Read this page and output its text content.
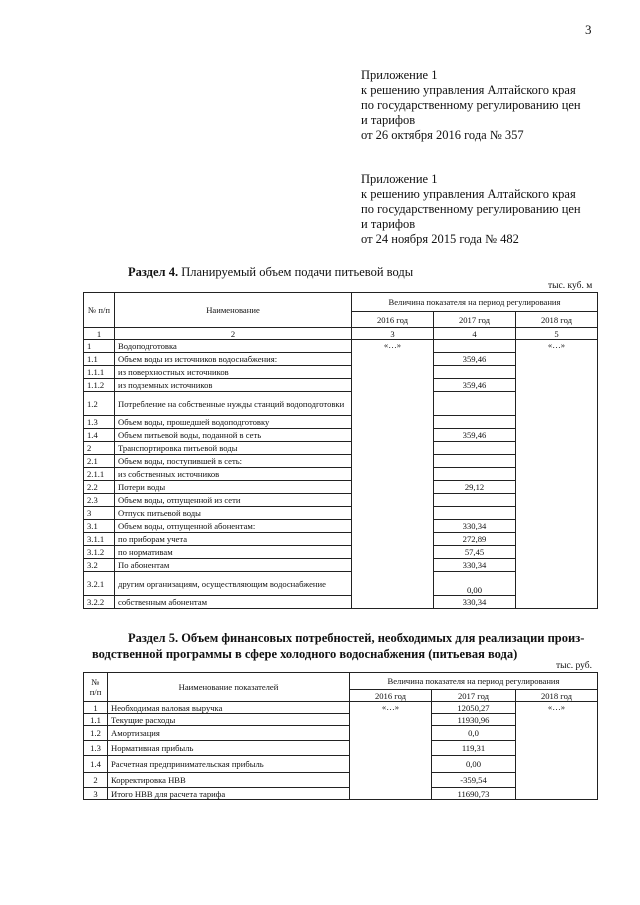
3
Приложение 1
к решению управления Алтайского края
по государственному регулированию цен
и тарифов
от 26 октября 2016 года № 357
Приложение 1
к решению управления Алтайского края
по государственному регулированию цен
и тарифов
от 24 ноября 2015 года № 482
Раздел 4. Планируемый объем подачи питьевой воды
тыс. куб. м
№ п/п	Наименование	Величина показателя на период регулирования		
		2016 год	2017 год	2018 год
1	2	3	4	5
1	Водоподготовка	«…»		«…»
1.1	Объем воды из источников водоснабжения:		359,46	
1.1.1	из поверхностных источников			
1.1.2	из подземных источников		359,46	
1.2	Потребление на собственные нужды станций водоподготовки			
1.3	Объем воды, прошедшей водоподготовку			
1.4	Объем питьевой воды, поданной в сеть		359,46	
2	Транспортировка питьевой воды			
2.1	Объем воды, поступившей в сеть:			
2.1.1	из собственных источников			
2.2	Потери воды		29,12	
2.3	Объем воды, отпущенной из сети			
3	Отпуск питьевой воды			
3.1	Объем воды, отпущенной абонентам:		330,34	
3.1.1	по приборам учета		272,89	
3.1.2	по нормативам		57,45	
3.2	По абонентам		330,34	
3.2.1	другим организациям, осуществляющим водоснабжение		0,00	
3.2.2	собственным абонентам		330,34	
Раздел 5. Объем финансовых потребностей, необходимых для реализации произ-
водственной программы в сфере холодного водоснабжения (питьевая вода)
тыс. руб.
№ п/п	Наименование показателей	Величина показателя на период регулирования		
		2016 год	2017 год	2018 год
1	Необходимая валовая выручка	«…»	12050,27	«…»
1.1	Текущие расходы		11930,96	
1.2	Амортизация		0,0	
1.3	Нормативная прибыль		119,31	
1.4	Расчетная предпринимательская прибыль		0,00	
2	Корректировка НВВ		-359,54	
3	Итого НВВ для расчета тарифа		11690,73	
